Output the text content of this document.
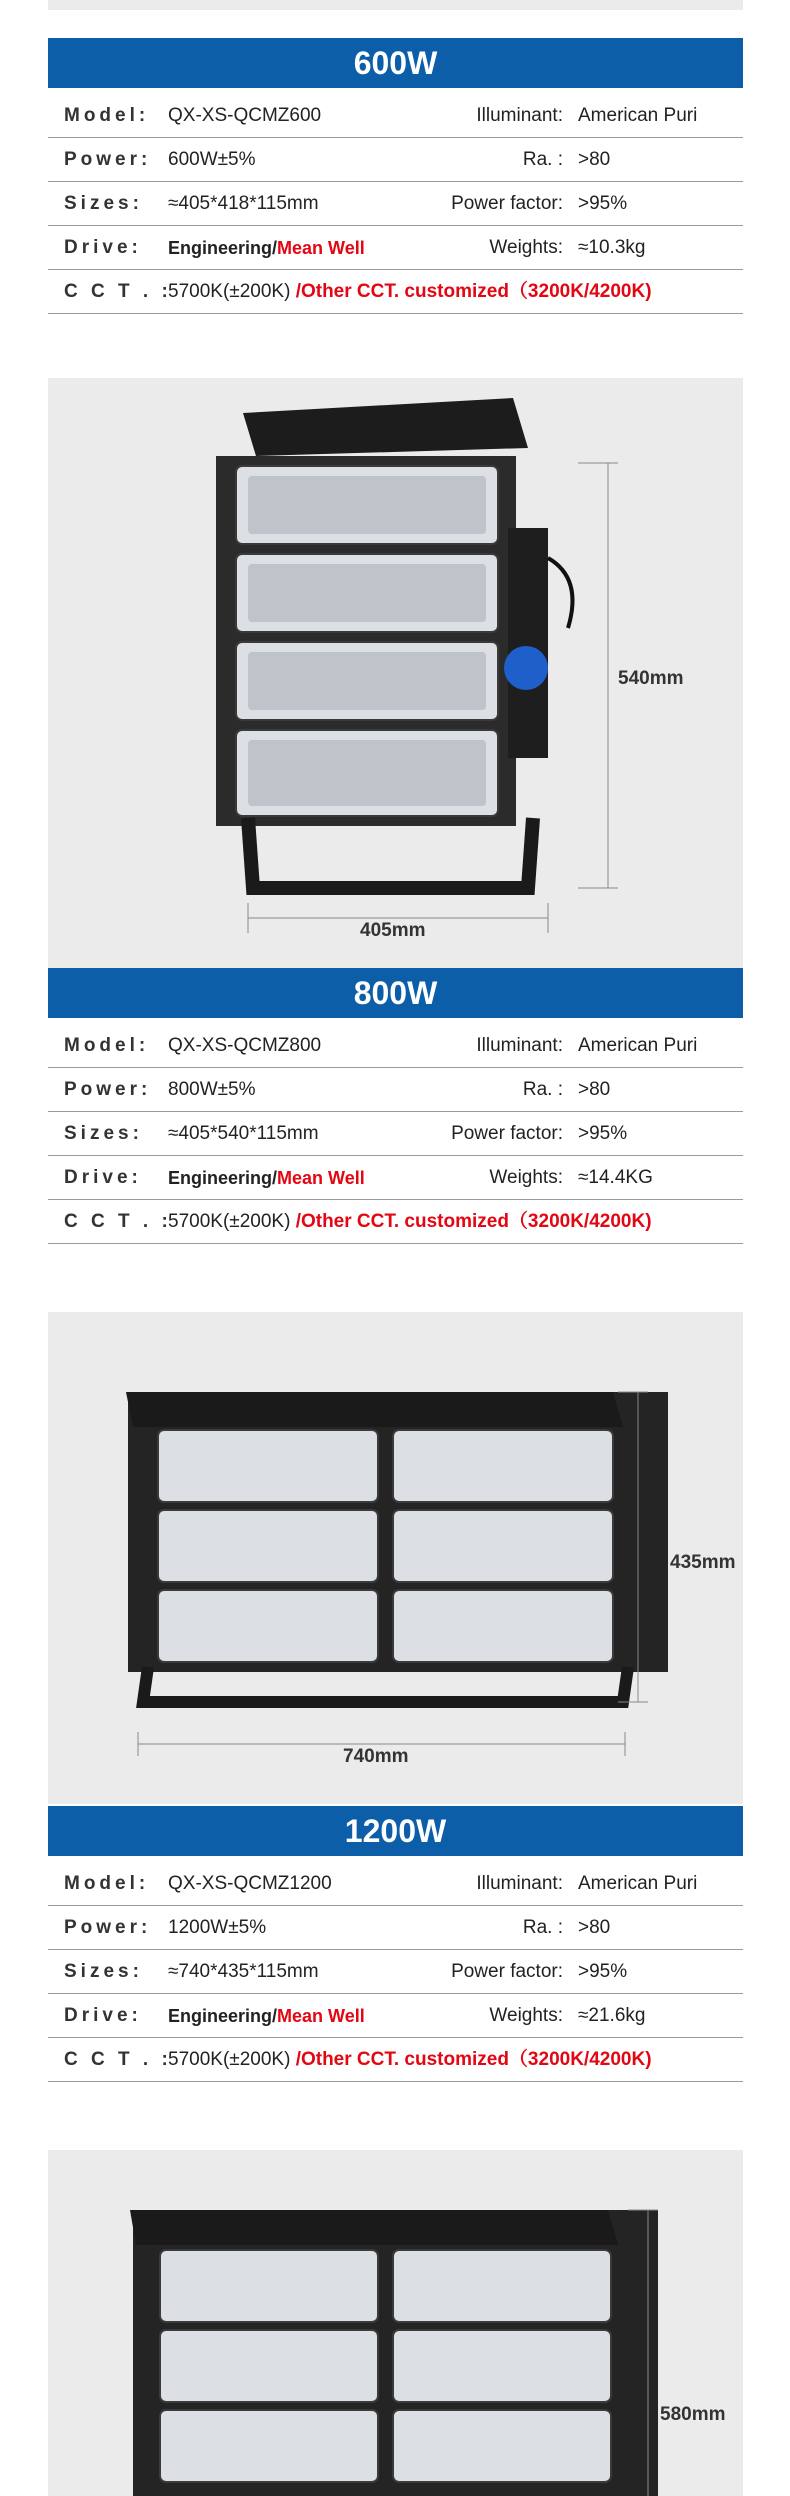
600W
Model: QX-XS-QCMZ600	Illuminant: American Puri
Power: 600W±5%	Ra. : >80
Sizes: ≈405*418*115mm	Power factor: >95%
Drive: Engineering/Mean Well	Weights: ≈10.3kg
C C T . :
5700K(±200K) /Other CCT. customized（3200K/4200K)
540mm
405mm
800W
Model: QX-XS-QCMZ800	Illuminant: American Puri
Power: 800W±5%	Ra. : >80
Sizes: ≈405*540*115mm	Power factor: >95%
Drive: Engineering/Mean Well	Weights: ≈14.4KG
C C T . :
5700K(±200K) /Other CCT. customized（3200K/4200K)
435mm
740mm
1200W
Model: QX-XS-QCMZ1200	Illuminant: American Puri
Power: 1200W±5%	Ra. : >80
Sizes: ≈740*435*115mm	Power factor: >95%
Drive: Engineering/Mean Well	Weights: ≈21.6kg
C C T . :
5700K(±200K) /Other CCT. customized（3200K/4200K)
580mm
